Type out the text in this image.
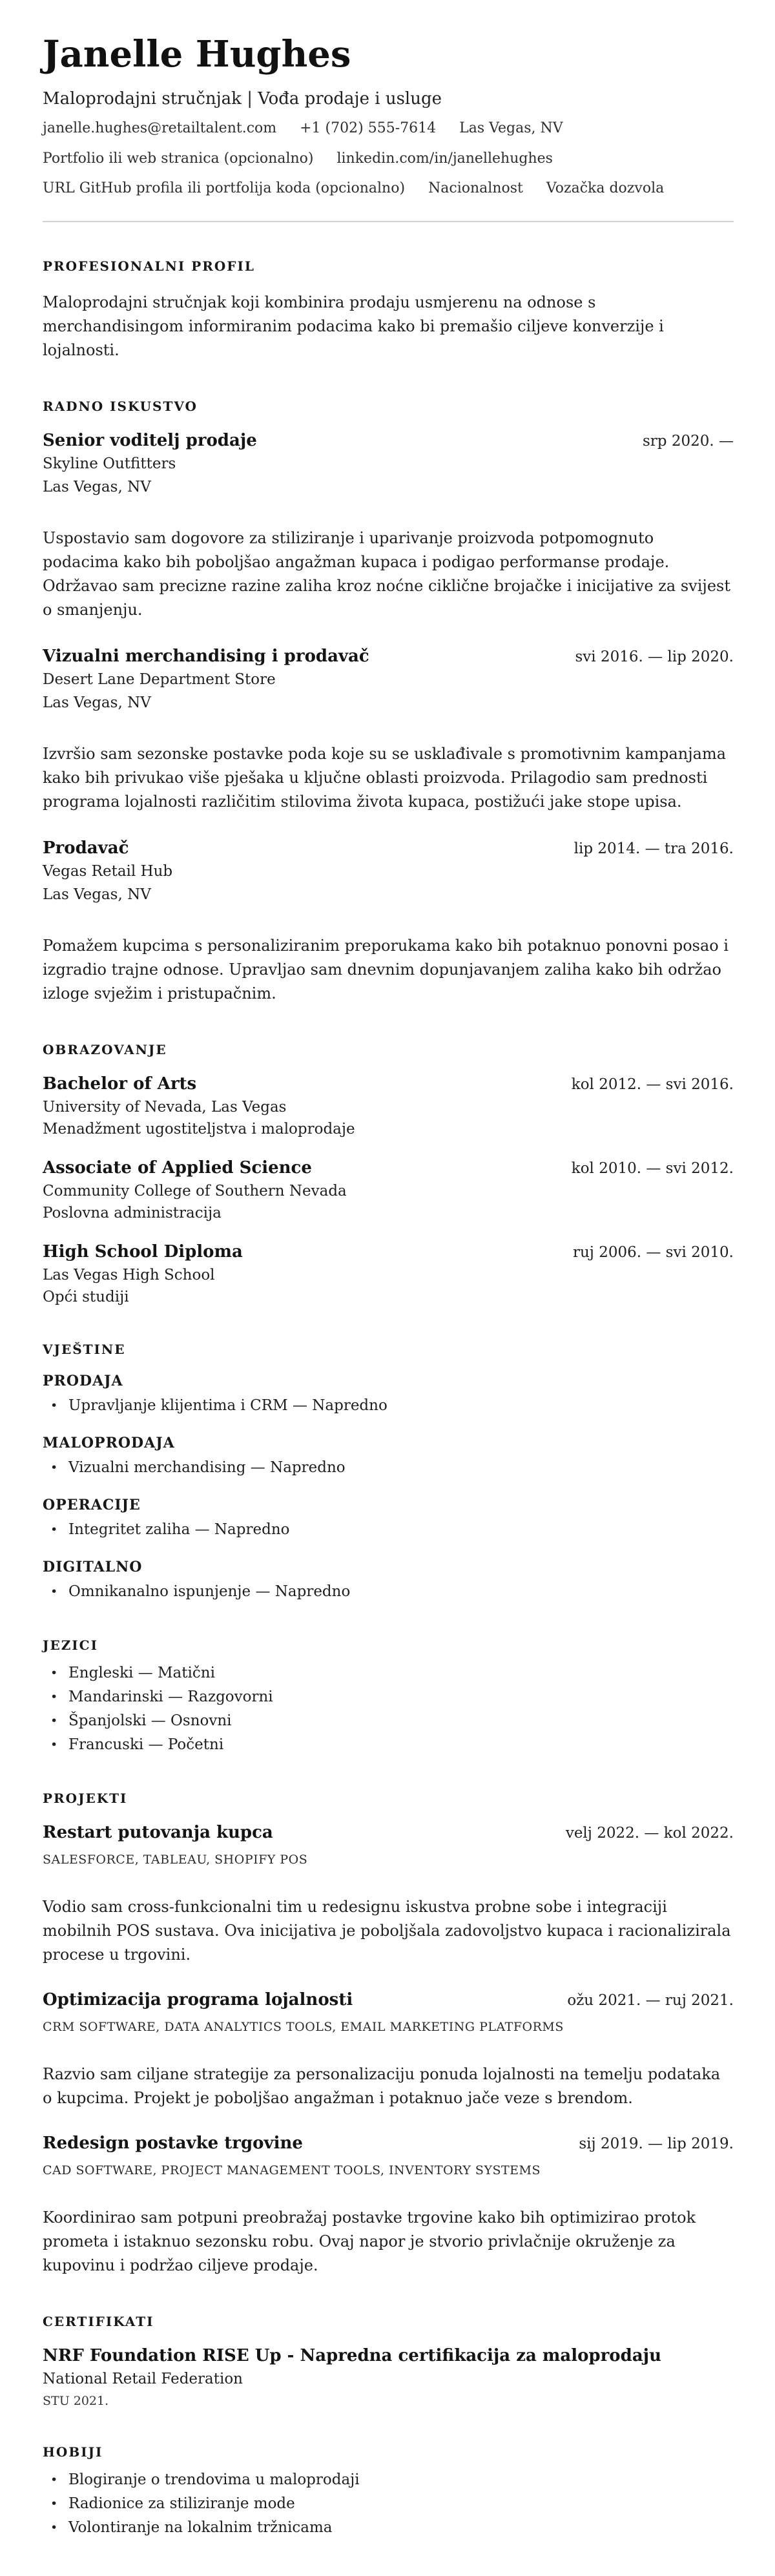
Janelle Hughes
Maloprodajni stručnjak | Vođa prodaje i usluge
janelle.hughes@retailtalent.com +1 (702) 555-7614 Las Vegas, NV
Portfolio ili web stranica (opcionalno) linkedin.com/in/janellehughes
URL GitHub profila ili portfolija koda (opcionalno) Nacionalnost Vozačka dozvola
PROFESIONALNI PROFIL

Maloprodajni stručnjak koji kombinira prodaju usmjerenu na odnose s merchandisingom informiranim podacima kako bi premašio ciljeve konverzije i lojalnosti.

RADNO ISKUSTVO
Senior voditelj prodaje	srp 2020. —
Skyline Outfitters
Las Vegas, NV

Uspostavio sam dogovore za stiliziranje i uparivanje proizvoda potpomognuto podacima kako bih poboljšao angažman kupaca i podigao performanse prodaje. Održavao sam precizne razine zaliha kroz noćne ciklične brojačke i inicijative za svijest o smanjenju.

Vizualni merchandising i prodavač	svi 2016. — lip 2020.
Desert Lane Department Store
Las Vegas, NV

Izvršio sam sezonske postavke poda koje su se usklađivale s promotivnim kampanjama kako bih privukao više pješaka u ključne oblasti proizvoda. Prilagodio sam prednosti programa lojalnosti različitim stilovima života kupaca, postižući jake stope upisa.

Prodavač	lip 2014. — tra 2016.
Vegas Retail Hub
Las Vegas, NV

Pomažem kupcima s personaliziranim preporukama kako bih potaknuo ponovni posao i izgradio trajne odnose. Upravljao sam dnevnim dopunjavanjem zaliha kako bih održao izloge svježim i pristupačnim.

OBRAZOVANJE
Bachelor of Arts	kol 2012. — svi 2016.
University of Nevada, Las Vegas
Menadžment ugostiteljstva i maloprodaje
Associate of Applied Science	kol 2010. — svi 2012.
Community College of Southern Nevada
Poslovna administracija
High School Diploma	ruj 2006. — svi 2010.
Las Vegas High School
Opći studiji
VJEŠTINE
PRODAJA
• Upravljanje klijentima i CRM — Napredno
MALOPRODAJA
• Vizualni merchandising — Napredno
OPERACIJE
• Integritet zaliha — Napredno
DIGITALNO
• Omnikanalno ispunjenje — Napredno
JEZICI
• Engleski — Matični
• Mandarinski — Razgovorni
• Španjolski — Osnovni
• Francuski — Početni
PROJEKTI
Restart putovanja kupca	velj 2022. — kol 2022.
SALESFORCE, TABLEAU, SHOPIFY POS

Vodio sam cross-funkcionalni tim u redesignu iskustva probne sobe i integraciji mobilnih POS sustava. Ova inicijativa je poboljšala zadovoljstvo kupaca i racionalizirala procese u trgovini.

Optimizacija programa lojalnosti	ožu 2021. — ruj 2021.
CRM SOFTWARE, DATA ANALYTICS TOOLS, EMAIL MARKETING PLATFORMS

Razvio sam ciljane strategije za personalizaciju ponuda lojalnosti na temelju podataka o kupcima. Projekt je poboljšao angažman i potaknuo jače veze s brendom.

Redesign postavke trgovine	sij 2019. — lip 2019.
CAD SOFTWARE, PROJECT MANAGEMENT TOOLS, INVENTORY SYSTEMS

Koordinirao sam potpuni preobražaj postavke trgovine kako bih optimizirao protok prometa i istaknuo sezonsku robu. Ovaj napor je stvorio privlačnije okruženje za kupovinu i podržao ciljeve prodaje.

CERTIFIKATI
NRF Foundation RISE Up - Napredna certifikacija za maloprodaju
National Retail Federation
STU 2021.
HOBIJI
• Blogiranje o trendovima u maloprodaji
• Radionice za stiliziranje mode
• Volontiranje na lokalnim tržnicama
